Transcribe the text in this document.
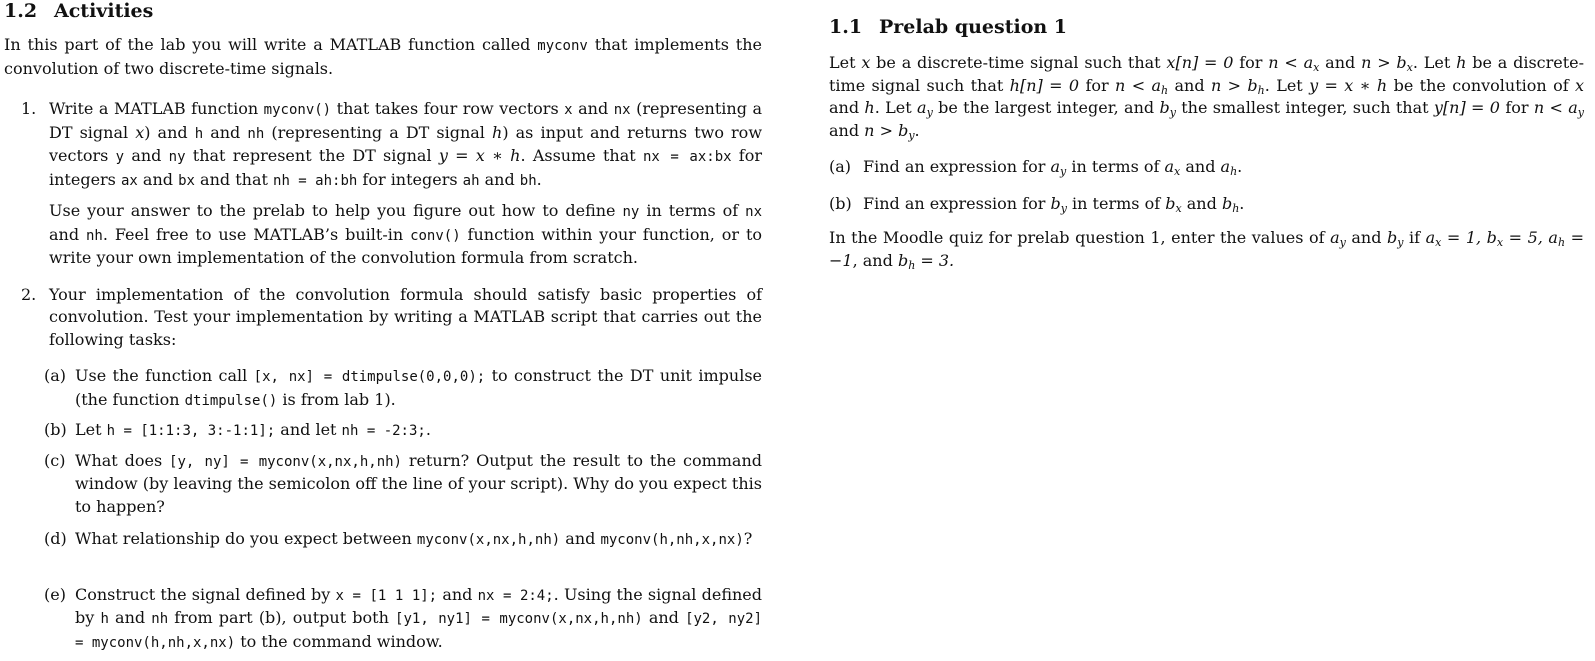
1.2 Activities

In this part of the lab you will write a MATLAB function called myconv that implements the convolution of two discrete-time signals.

1. Write a MATLAB function myconv() that takes four row vectors x and nx (representing a DT signal x) and h and nh (representing a DT signal h) as input and returns two row vectors y and ny that represent the DT signal y = x ∗ h. Assume that nx = ax:bx for integers ax and bx and that nh = ah:bh for integers ah and bh.

Use your answer to the prelab to help you figure out how to define ny in terms of nx and nh. Feel free to use MATLAB’s built-in conv() function within your function, or to write your own implementation of the convolution formula from scratch.

2. Your implementation of the convolution formula should satisfy basic properties of convolution. Test your implementation by writing a MATLAB script that carries out the following tasks:

(a) Use the function call [x, nx] = dtimpulse(0,0,0); to construct the DT unit impulse (the function dtimpulse() is from lab 1).
(b) Let h = [1:1:3, 3:-1:1]; and let nh = -2:3;.
(c) What does [y, ny] = myconv(x,nx,h,nh) return? Output the result to the command window (by leaving the semicolon off the line of your script). Why do you expect this to happen?
(d) What relationship do you expect between myconv(x,nx,h,nh) and myconv(h,nh,x,nx)?
(e) Construct the signal defined by x = [1 1 1]; and nx = 2:4;. Using the signal defined by h and nh from part (b), output both [y1, ny1] = myconv(x,nx,h,nh) and [y2, ny2] = myconv(h,nh,x,nx) to the command window.
1.1 Prelab question 1

Let x be a discrete-time signal such that x[n] = 0 for $n < a_x$ and $n > b_x$. Let h be a discrete-time signal such that h[n] = 0 for $n < a_h$ and $n > b_h$. Let y = x ∗ h be the convolution of x and h. Let $a_y$ be the largest integer, and $b_y$ the smallest integer, such that y[n] = 0 for $n < a_y$ and $n > b_y$.

(a) Find an expression for $a_y$ in terms of $a_x$ and $a_h$.
(b) Find an expression for $b_y$ in terms of $b_x$ and $b_h$.

In the Moodle quiz for prelab question 1, enter the values of $a_y$ and $b_y$ if $a_x = 1$, $b_x = 5$, $a_h = -1$, and $b_h = 3$.
